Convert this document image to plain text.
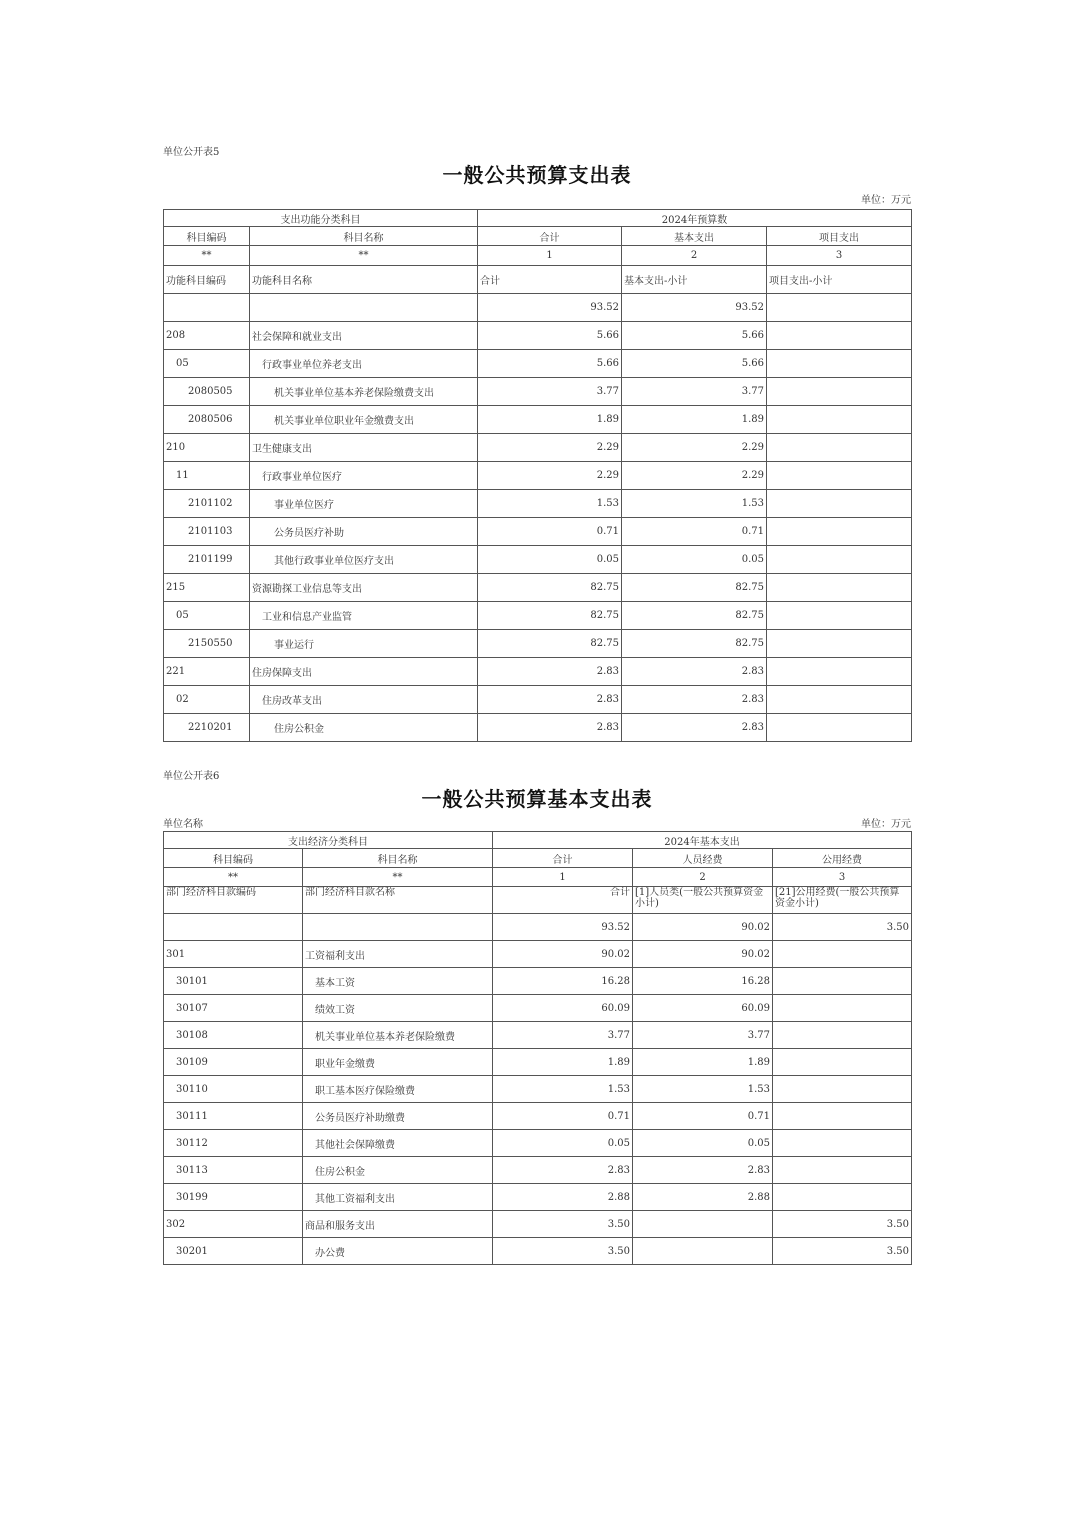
单位公开表5
一般公共预算支出表
单位：万元
支出功能分类科目		2024年预算数		
科目编码	科目名称	合计	基本支出	项目支出
**	**	1	2	3
功能科目编码	功能科目名称	合计	基本支出-小计	项目支出-小计
		93.52	93.52	
208	社会保障和就业支出	5.66	5.66	
05	行政事业单位养老支出	5.66	5.66	
2080505	机关事业单位基本养老保险缴费支出	3.77	3.77	
2080506	机关事业单位职业年金缴费支出	1.89	1.89	
210	卫生健康支出	2.29	2.29	
11	行政事业单位医疗	2.29	2.29	
2101102	事业单位医疗	1.53	1.53	
2101103	公务员医疗补助	0.71	0.71	
2101199	其他行政事业单位医疗支出	0.05	0.05	
215	资源勘探工业信息等支出	82.75	82.75	
05	工业和信息产业监管	82.75	82.75	
2150550	事业运行	82.75	82.75	
221	住房保障支出	2.83	2.83	
02	住房改革支出	2.83	2.83	
2210201	住房公积金	2.83	2.83	
单位公开表6
一般公共预算基本支出表
单位名称	单位：万元
支出经济分类科目		2024年基本支出		
科目编码	科目名称	合计	人员经费	公用经费
**	**	1	2	3
部门经济科目款编码	部门经济科目款名称	合计	[1]人员类(一般公共预算资金小计)	[21]公用经费(一般公共预算资金小计)
		93.52	90.02	3.50
301	工资福利支出	90.02	90.02	
30101	基本工资	16.28	16.28	
30107	绩效工资	60.09	60.09	
30108	机关事业单位基本养老保险缴费	3.77	3.77	
30109	职业年金缴费	1.89	1.89	
30110	职工基本医疗保险缴费	1.53	1.53	
30111	公务员医疗补助缴费	0.71	0.71	
30112	其他社会保障缴费	0.05	0.05	
30113	住房公积金	2.83	2.83	
30199	其他工资福利支出	2.88	2.88	
302	商品和服务支出	3.50		3.50
30201	办公费	3.50		3.50
